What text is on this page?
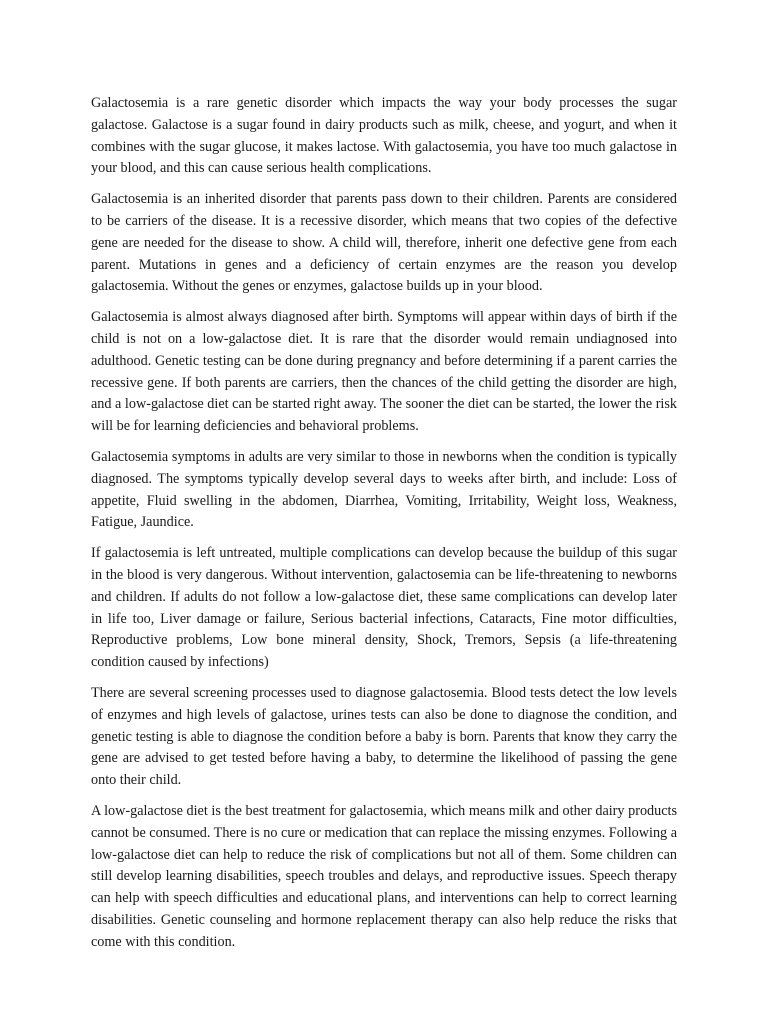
Galactosemia is a rare genetic disorder which impacts the way your body processes the sugar galactose. Galactose is a sugar found in dairy products such as milk, cheese, and yogurt, and when it combines with the sugar glucose, it makes lactose. With galactosemia, you have too much galactose in your blood, and this can cause serious health complications.

Galactosemia is an inherited disorder that parents pass down to their children. Parents are considered to be carriers of the disease. It is a recessive disorder, which means that two copies of the defective gene are needed for the disease to show. A child will, therefore, inherit one defective gene from each parent. Mutations in genes and a deficiency of certain enzymes are the reason you develop galactosemia. Without the genes or enzymes, galactose builds up in your blood.

Galactosemia is almost always diagnosed after birth. Symptoms will appear within days of birth if the child is not on a low-galactose diet. It is rare that the disorder would remain undiagnosed into adulthood. Genetic testing can be done during pregnancy and before determining if a parent carries the recessive gene. If both parents are carriers, then the chances of the child getting the disorder are high, and a low-galactose diet can be started right away. The sooner the diet can be started, the lower the risk will be for learning deficiencies and behavioral problems.

Galactosemia symptoms in adults are very similar to those in newborns when the condition is typically diagnosed. The symptoms typically develop several days to weeks after birth, and include: Loss of appetite, Fluid swelling in the abdomen, Diarrhea, Vomiting, Irritability, Weight loss, Weakness, Fatigue, Jaundice.

If galactosemia is left untreated, multiple complications can develop because the buildup of this sugar in the blood is very dangerous. Without intervention, galactosemia can be life-threatening to newborns and children. If adults do not follow a low-galactose diet, these same complications can develop later in life too, Liver damage or failure, Serious bacterial infections, Cataracts, Fine motor difficulties, Reproductive problems, Low bone mineral density, Shock, Tremors, Sepsis (a life-threatening condition caused by infections)

There are several screening processes used to diagnose galactosemia. Blood tests detect the low levels of enzymes and high levels of galactose, urines tests can also be done to diagnose the condition, and genetic testing is able to diagnose the condition before a baby is born. Parents that know they carry the gene are advised to get tested before having a baby, to determine the likelihood of passing the gene onto their child.

A low-galactose diet is the best treatment for galactosemia, which means milk and other dairy products cannot be consumed. There is no cure or medication that can replace the missing enzymes. Following a low-galactose diet can help to reduce the risk of complications but not all of them. Some children can still develop learning disabilities, speech troubles and delays, and reproductive issues. Speech therapy can help with speech difficulties and educational plans, and interventions can help to correct learning disabilities. Genetic counseling and hormone replacement therapy can also help reduce the risks that come with this condition.
